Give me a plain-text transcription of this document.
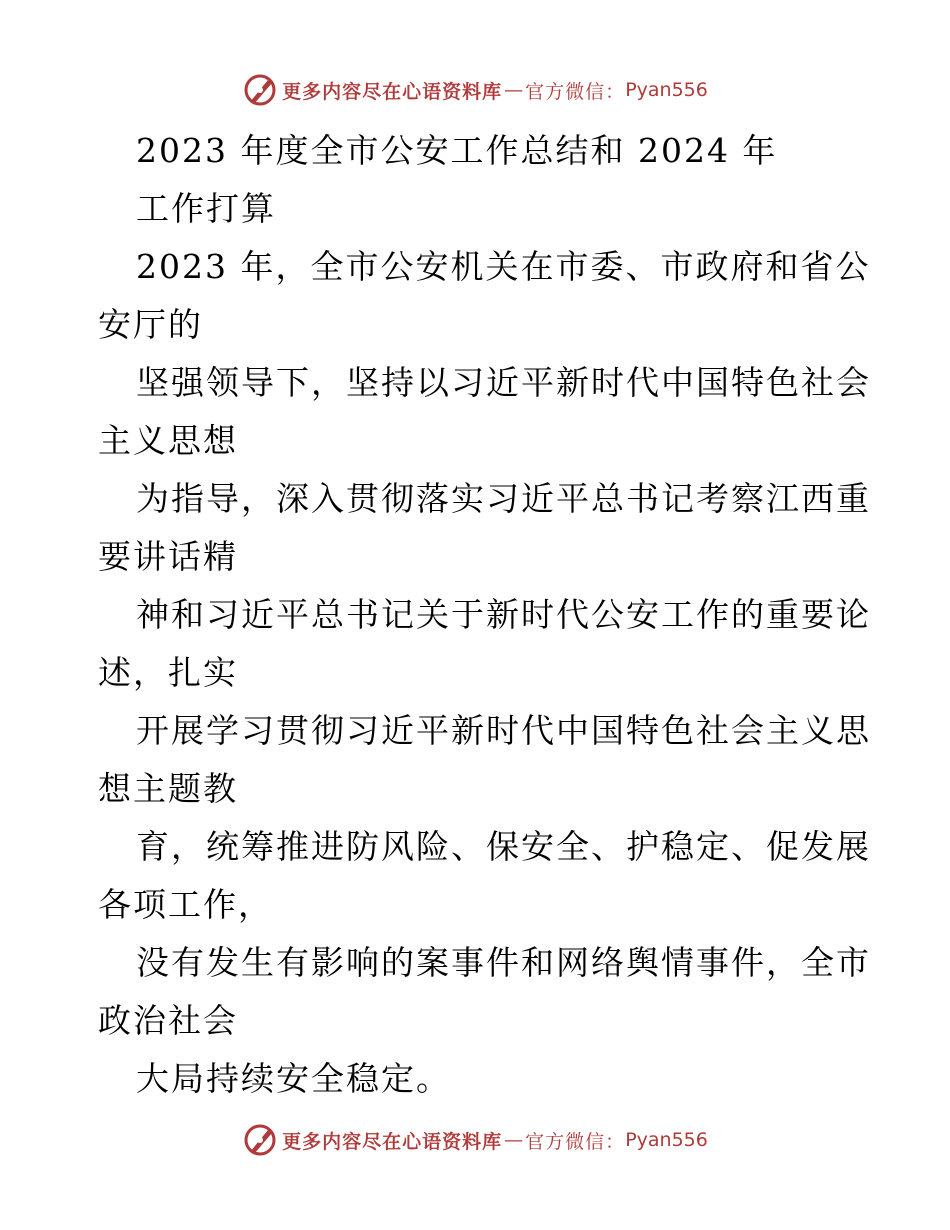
更多内容尽在心语资料库 — 官方微信： Pyan556
2023 年度全市公安工作总结和 2024 年
工作打算
2023 年，全市公安机关在市委、市政府和省公
安厅的
坚强领导下，坚持以习近平新时代中国特色社会
主义思想
为指导，深入贯彻落实习近平总书记考察江西重
要讲话精
神和习近平总书记关于新时代公安工作的重要论
述，扎实
开展学习贯彻习近平新时代中国特色社会主义思
想主题教
育，统筹推进防风险、保安全、护稳定、促发展
各项工作，
没有发生有影响的案事件和网络舆情事件，全市
政治社会
大局持续安全稳定。
更多内容尽在心语资料库 — 官方微信： Pyan556
